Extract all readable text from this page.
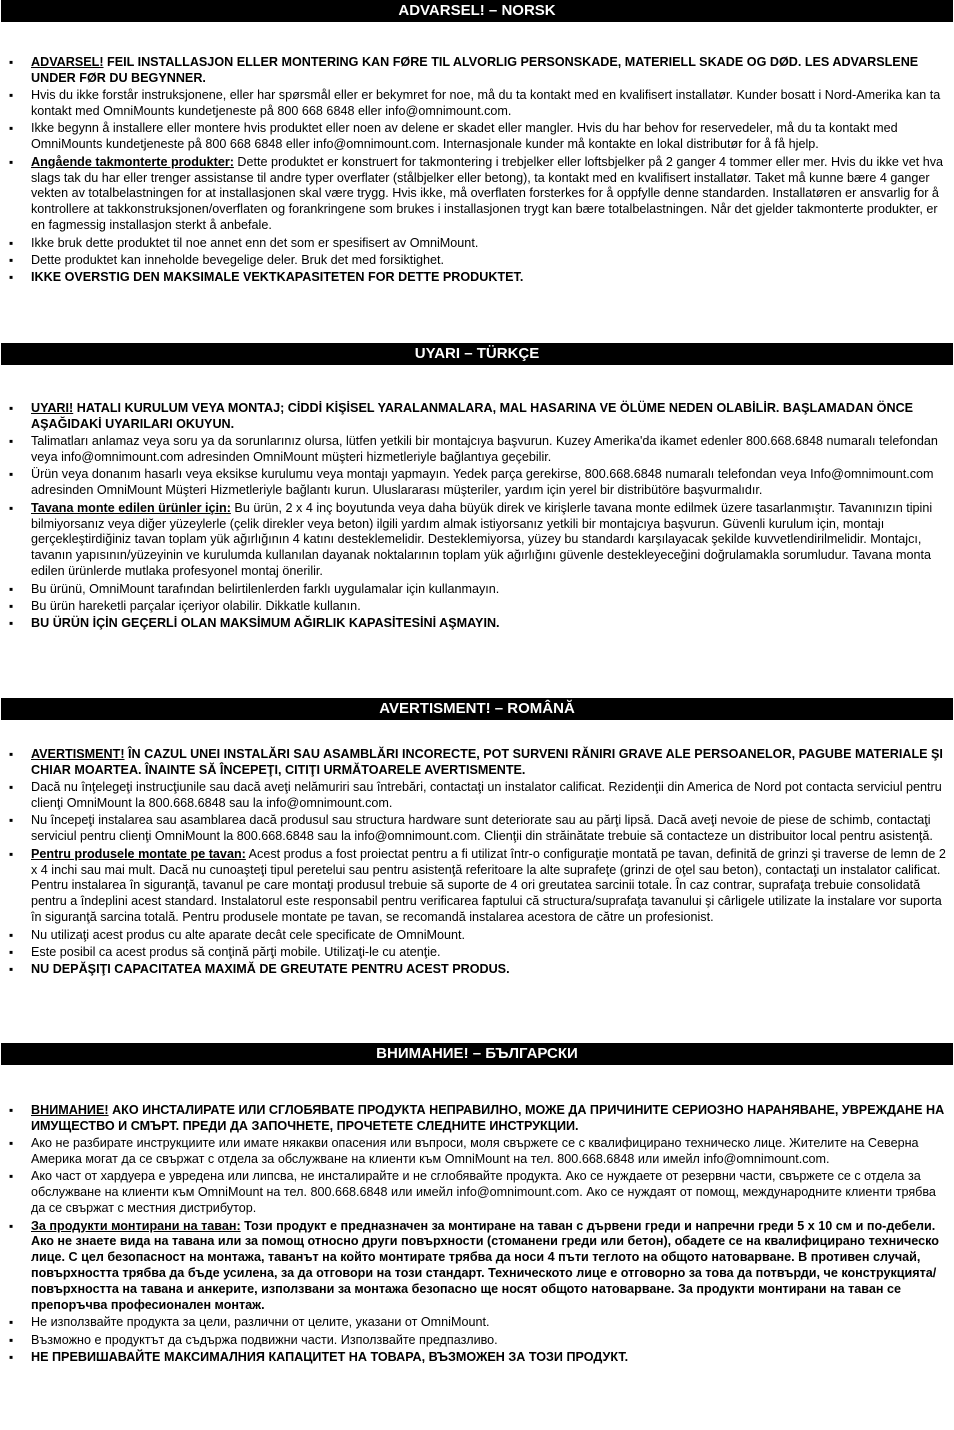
ADVARSEL! – NORSK
▪ ADVARSEL! FEIL INSTALLASJON ELLER MONTERING KAN FØRE TIL ALVORLIG PERSONSKADE, MATERIELL SKADE OG DØD. LES ADVARSLENE UNDER FØR DU BEGYNNER.
▪ Hvis du ikke forstår instruksjonene, eller har spørsmål eller er bekymret for noe, må du ta kontakt med en kvalifisert installatør. Kunder bosatt i Nord-Amerika kan ta kontakt med OmniMounts kundetjeneste på 800 668 6848 eller info@omnimount.com.
▪ Ikke begynn å installere eller montere hvis produktet eller noen av delene er skadet eller mangler. Hvis du har behov for reservedeler, må du ta kontakt med OmniMounts kundetjeneste på 800 668 6848 eller info@omnimount.com. Internasjonale kunder må kontakte en lokal distributør for å få hjelp.
▪ Angående takmonterte produkter: Dette produktet er konstruert for takmontering i trebjelker eller loftsbjelker på 2 ganger 4 tommer eller mer. Hvis du ikke vet hva slags tak du har eller trenger assistanse til andre typer overflater (stålbjelker eller betong), ta kontakt med en kvalifisert installatør. Taket må kunne bære 4 ganger vekten av totalbelastningen for at installasjonen skal være trygg. Hvis ikke, må overflaten forsterkes for å oppfylle denne standarden. Installatøren er ansvarlig for å kontrollere at takkonstruksjonen/overflaten og forankringene som brukes i installasjonen trygt kan bære totalbelastningen. Når det gjelder takmonterte produkter, er en fagmessig installasjon sterkt å anbefale.
▪ Ikke bruk dette produktet til noe annet enn det som er spesifisert av OmniMount.
▪ Dette produktet kan inneholde bevegelige deler. Bruk det med forsiktighet.
▪ IKKE OVERSTIG DEN MAKSIMALE VEKTKAPASITETEN FOR DETTE PRODUKTET.
UYARI – TÜRKÇE
▪ UYARI! HATALI KURULUM VEYA MONTAJ; CİDDİ KİŞİSEL YARALANMALARA, MAL HASARINA VE ÖLÜME NEDEN OLABİLİR. BAŞLAMADAN ÖNCE AŞAĞIDAKİ UYARILARI OKUYUN.
▪ Talimatları anlamaz veya soru ya da sorunlarınız olursa, lütfen yetkili bir montajcıya başvurun. Kuzey Amerika'da ikamet edenler 800.668.6848 numaralı telefondan veya info@omnimount.com adresinden OmniMount müşteri hizmetleriyle bağlantıya geçebilir.
▪ Ürün veya donanım hasarlı veya eksikse kurulumu veya montajı yapmayın. Yedek parça gerekirse, 800.668.6848 numaralı telefondan veya Info@omnimount.com adresinden OmniMount Müşteri Hizmetleriyle bağlantı kurun. Uluslararası müşteriler, yardım için yerel bir distribütöre başvurmalıdır.
▪ Tavana monte edilen ürünler için: Bu ürün, 2 x 4 inç boyutunda veya daha büyük direk ve kirişlerle tavana monte edilmek üzere tasarlanmıştır. Tavanınızın tipini bilmiyorsanız veya diğer yüzeylerle (çelik direkler veya beton) ilgili yardım almak istiyorsanız yetkili bir montajcıya başvurun. Güvenli kurulum için, montajı gerçekleştirdiğiniz tavan toplam yük ağırlığının 4 katını desteklemelidir. Desteklemiyorsa, yüzey bu standardı karşılayacak şekilde kuvvetlendirilmelidir. Montajcı, tavanın yapısının/yüzeyinin ve kurulumda kullanılan dayanak noktalarının toplam yük ağırlığını güvenle destekleyeceğini doğrulamakla sorumludur. Tavana monta edilen ürünlerde mutlaka profesyonel montaj önerilir.
▪ Bu ürünü, OmniMount tarafından belirtilenlerden farklı uygulamalar için kullanmayın.
▪ Bu ürün hareketli parçalar içeriyor olabilir. Dikkatle kullanın.
▪ BU ÜRÜN İÇİN GEÇERLİ OLAN MAKSİMUM AĞIRLIK KAPASİTESİNİ AŞMAYIN.
AVERTISMENT! – ROMÂNĂ
▪ AVERTISMENT! ÎN CAZUL UNEI INSTALĂRI SAU ASAMBLĂRI INCORECTE, POT SURVENI RĂNIRI GRAVE ALE PERSOANELOR, PAGUBE MATERIALE ŞI CHIAR MOARTEA. ÎNAINTE SĂ ÎNCEPEŢI, CITIŢI URMĂTOARELE AVERTISMENTE.
▪ Dacă nu înţelegeţi instrucţiunile sau dacă aveţi nelămuriri sau întrebări, contactaţi un instalator calificat. Rezidenţii din America de Nord pot contacta serviciul pentru clienţi OmniMount la 800.668.6848 sau la info@omnimount.com.
▪ Nu începeţi instalarea sau asamblarea dacă produsul sau structura hardware sunt deteriorate sau au părţi lipsă. Dacă aveţi nevoie de piese de schimb, contactaţi serviciul pentru clienţi OmniMount la 800.668.6848 sau la info@omnimount.com. Clienţii din străinătate trebuie să contacteze un distribuitor local pentru asistenţă.
▪ Pentru produsele montate pe tavan: Acest produs a fost proiectat pentru a fi utilizat într-o configuraţie montată pe tavan, definită de grinzi şi traverse de lemn de 2 x 4 inchi sau mai mult. Dacă nu cunoaşteţi tipul peretelui sau pentru asistenţă referitoare la alte suprafeţe (grinzi de oţel sau beton), contactaţi un instalator calificat. Pentru instalarea în siguranţă, tavanul pe care montaţi produsul trebuie să suporte de 4 ori greutatea sarcinii totale. În caz contrar, suprafaţa trebuie consolidată pentru a îndeplini acest standard. Instalatorul este responsabil pentru verificarea faptului că structura/suprafaţa tavanului şi cârligele utilizate la instalare vor suporta în siguranţă sarcina totală. Pentru produsele montate pe tavan, se recomandă instalarea acestora de către un profesionist.
▪ Nu utilizaţi acest produs cu alte aparate decât cele specificate de OmniMount.
▪ Este posibil ca acest produs să conţină părţi mobile. Utilizaţi-le cu atenţie.
▪ NU DEPĂŞIŢI CAPACITATEA MAXIMĂ DE GREUTATE PENTRU ACEST PRODUS.
ВНИМАНИЕ! – БЪЛГАРСКИ
▪ ВНИМАНИЕ! АКО ИНСТАЛИРАТЕ ИЛИ СГЛОБЯВАТЕ ПРОДУКТА НЕПРАВИЛНО, МОЖЕ ДА ПРИЧИНИТЕ СЕРИОЗНО НАРАНЯВАНЕ, УВРЕЖДАНЕ НА ИМУЩЕСТВО И СМЪРТ. ПРЕДИ ДА ЗАПОЧНЕТЕ, ПРОЧЕТЕТЕ СЛЕДНИТЕ ИНСТРУКЦИИ.
▪ Ако не разбирате инструкциите или имате някакви опасения или въпроси, моля свържете се с квалифицирано техническо лице. Жителите на Северна Америка могат да се свържат с отдела за обслужване на клиенти към OmniMount на тел. 800.668.6848 или имейл info@omnimount.com.
▪ Ако част от хардуера е увредена или липсва, не инсталирайте и не сглобявайте продукта. Ако се нуждаете от резервни части, свържете се с отдела за обслужване на клиенти към OmniMount на тел. 800.668.6848 или имейл info@omnimount.com. Ако се нуждаят от помощ, международните клиенти трябва да се свържат с местния дистрибутор.
▪ За продукти монтирани на таван: Този продукт е предназначен за монтиране на таван с дървени греди и напречни греди 5 х 10 см и по-дебели. Ако не знаете вида на тавана или за помощ относно други повърхности (стоманени греди или бетон), обадете се на квалифицирано техническо лице. С цел безопасност на монтажа, таванът на който монтирате трябва да носи 4 пъти теглото на общото натоварване. В противен случай, повърхността трябва да бъде усилена, за да отговори на този стандарт. Техническото лице е отговорно за това да потвърди, че конструкцията/ повърхността на тавана и анкерите, използвани за монтажа безопасно ще носят общото натоварване. За продукти монтирани на таван се препоръчва професионален монтаж.
▪ Не използвайте продукта за цели, различни от целите, указани от OmniMount.
▪ Възможно е продуктът да съдържа подвижни части. Използвайте предпазливо.
▪ НЕ ПРЕВИШАВАЙТЕ МАКСИМАЛНИЯ КАПАЦИТЕТ НА ТОВАРА, ВЪЗМОЖЕН ЗА ТОЗИ ПРОДУКТ.
